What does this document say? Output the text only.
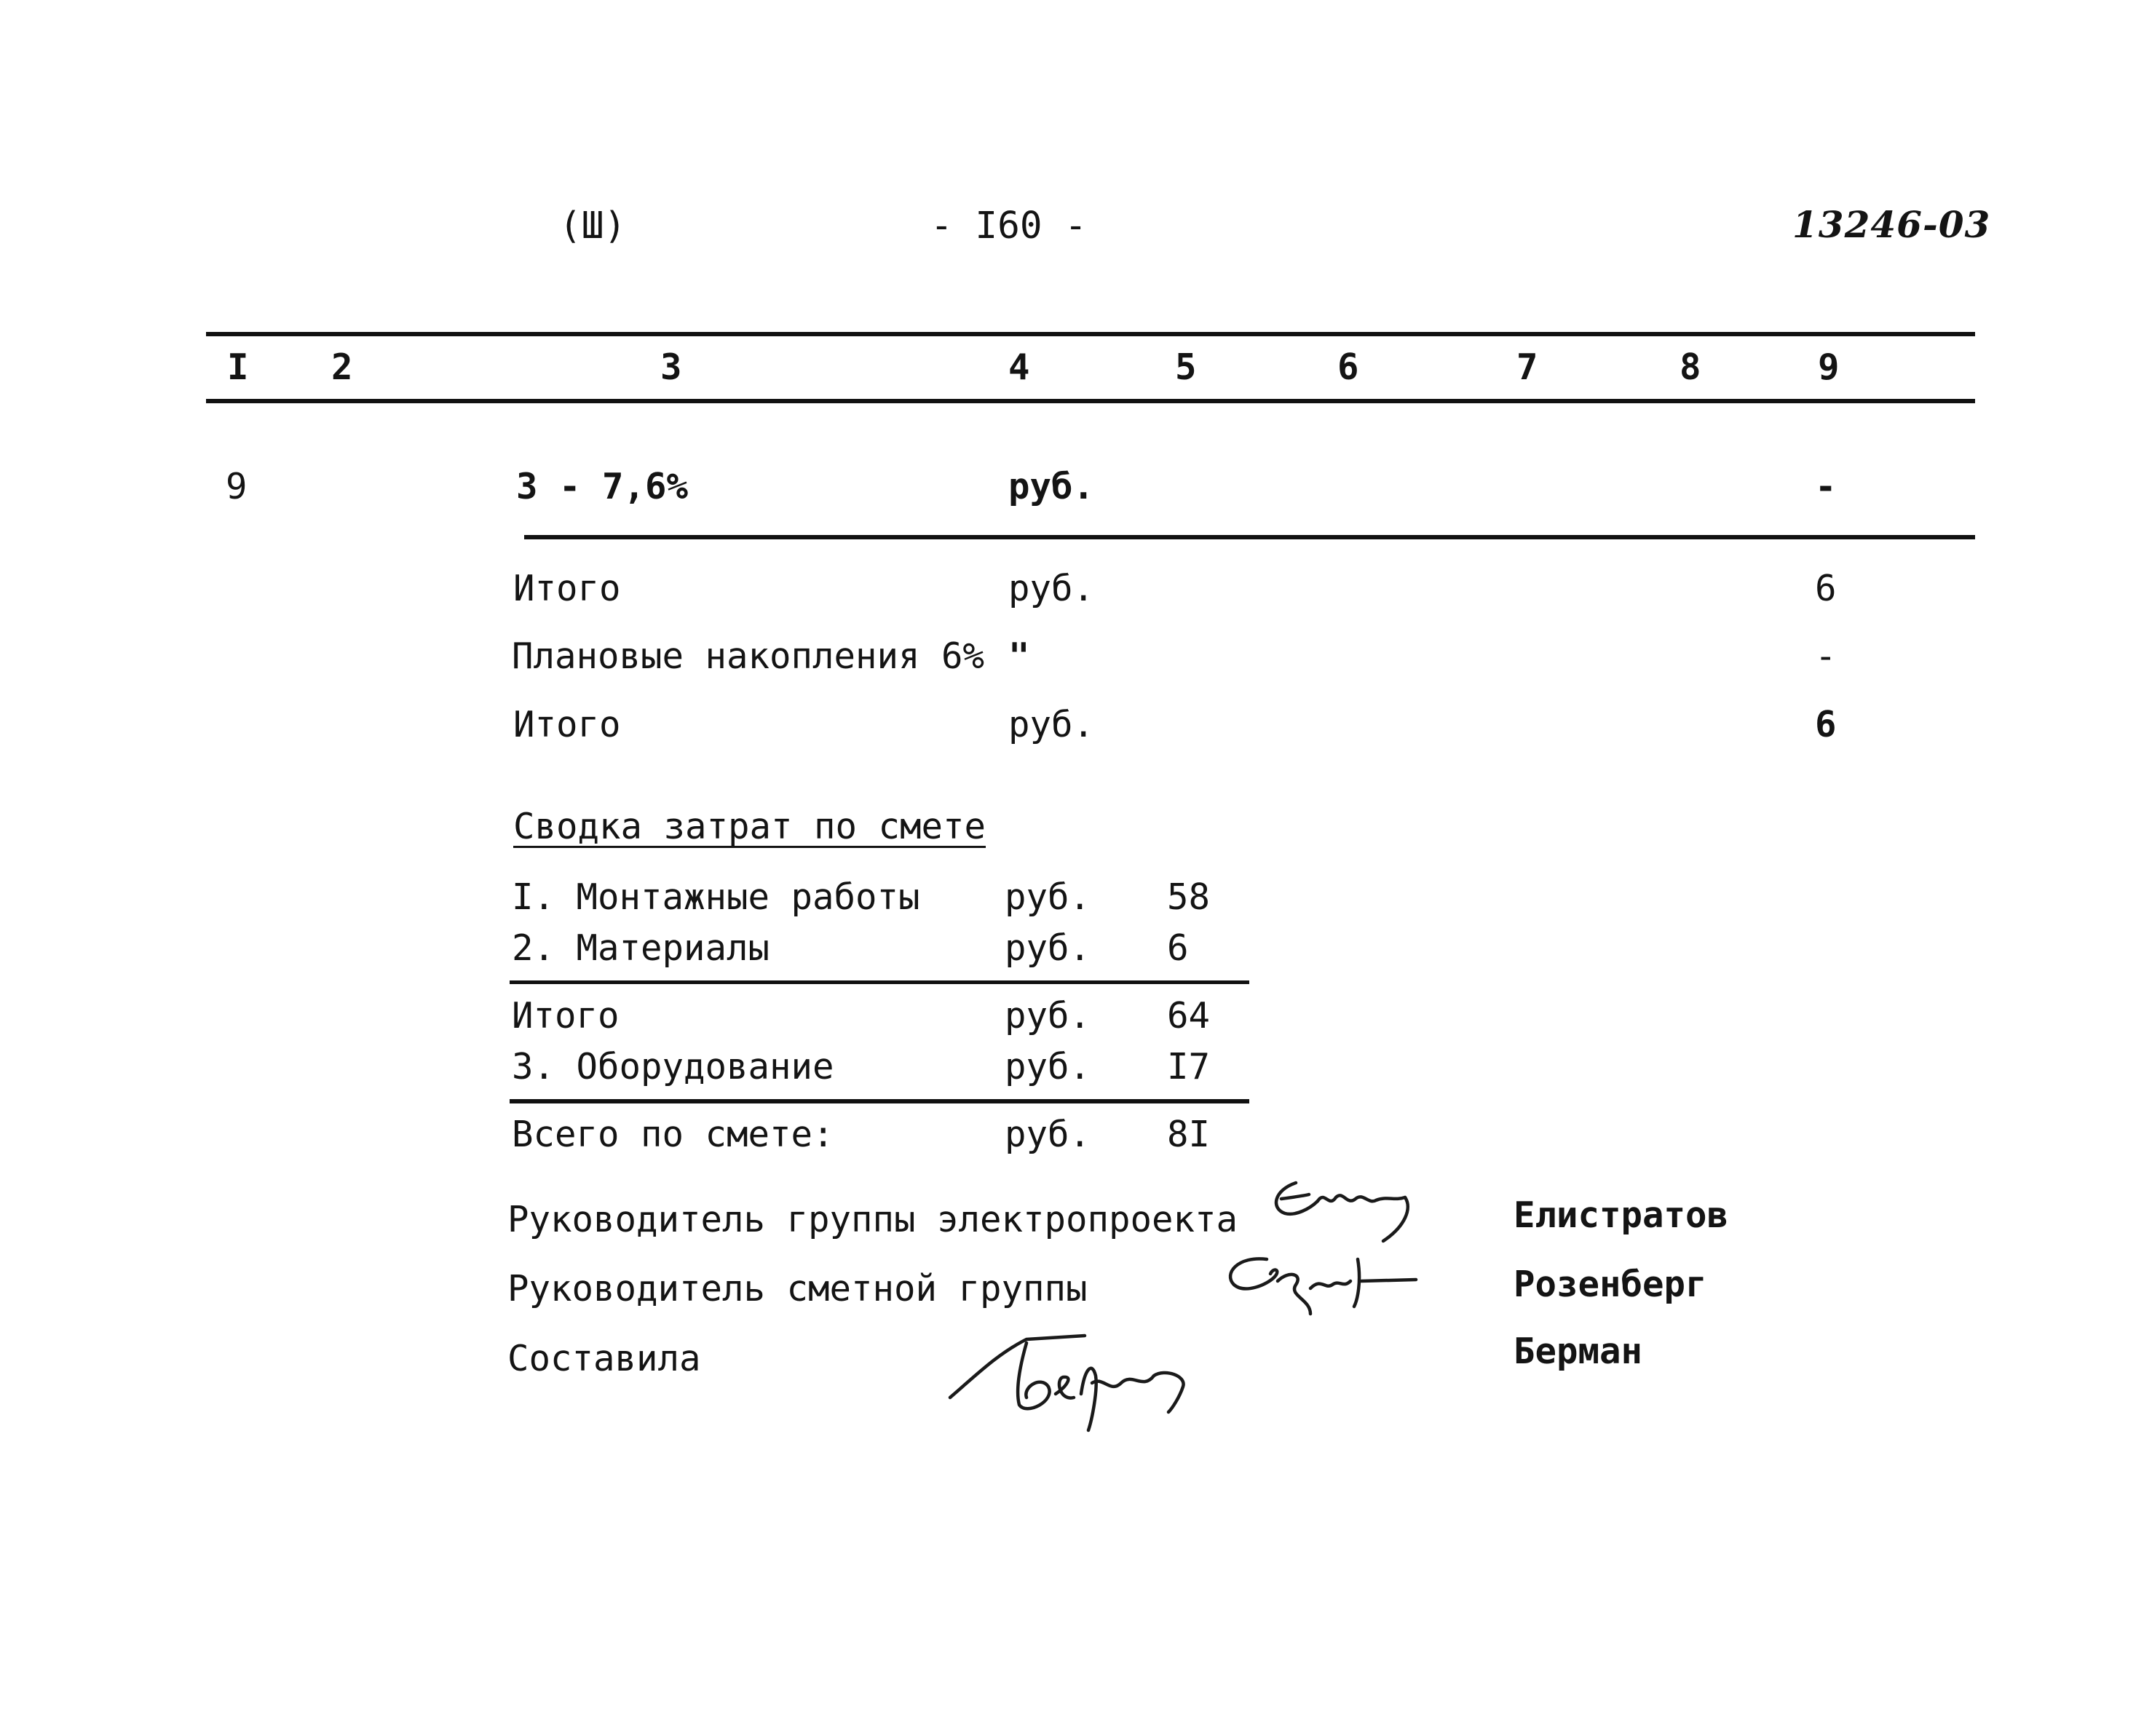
(Ш)	- I60 -	13246-03
I 2	3	4	5	6	7	8	9
9	3 - 7,6%	руб.	-
Итого	руб.	6
Плановые накопления 6% "	-
Итого	руб.	6
Сводка затрат по смете
I. Монтажные работы руб. 58
2. Материалы	руб. 6
Итого	руб. 64
3. Оборудование	руб. I7
Всего по смете:	руб. 8I
Руководитель группы электропроекта	Елистратов
Руководитель сметной группы	Розенберг
Составила	Берман
